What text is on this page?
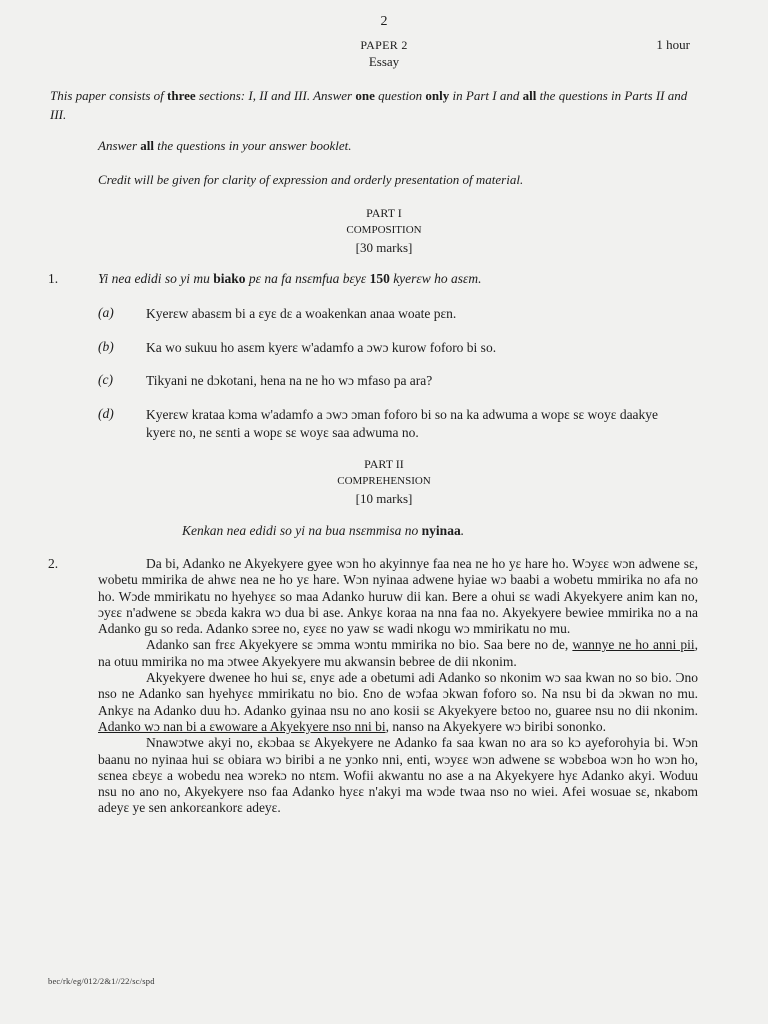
2
PAPER 2	1 hour
Essay
This paper consists of three sections: I, II and III. Answer one question only in Part I and all the questions in Parts II and III.
Answer all the questions in your answer booklet.
Credit will be given for clarity of expression and orderly presentation of material.
PART I
COMPOSITION
[30 marks]
1.	Yi nea edidi so yi mu biako pɛ na fa nsɛmfua bɛyɛ 150 kyerɛw ho asɛm.
(a) Kyerɛw abasɛm bi a ɛyɛ dɛ a woakenkan anaa woate pɛn.
(b) Ka wo sukuu ho asɛm kyerɛ w'adamfo a ɔwɔ kurow foforo bi so.
(c) Tikyani ne dɔkotani, hena na ne ho wɔ mfaso pa ara?
(d) Kyerɛw krataa kɔma w'adamfo a ɔwɔ ɔman foforo bi so na ka adwuma a wopɛ sɛ woyɛ daakye kyerɛ no, ne sɛnti a wopɛ sɛ woyɛ saa adwuma no.
PART II
COMPREHENSION
[10 marks]
Kenkan nea edidi so yi na bua nsɛmmisa no nyinaa.
2.	Da bi, Adanko ne Akyekyere gyee wɔn ho akyinnye faa nea ne ho yɛ hare ho. Wɔyɛɛ wɔn adwene sɛ, wobetu mmirika de ahwɛ nea ne ho yɛ hare. Wɔn nyinaa adwene hyiae wɔ baabi a wobetu mmirika no afa no ho. Wɔde mmirikatu no hyehyɛɛ so maa Adanko huruw dii kan. Bere a ohui sɛ wadi Akyekyere anim kan no, ɔyɛɛ n'adwene sɛ ɔbɛda kakra wɔ dua bi ase. Ankyɛ koraa na nna faa no. Akyekyere bewiee mmirika no a na Adanko gu so reda. Adanko sɔree no, ɛyɛɛ no yaw sɛ wadi nkogu wɔ mmirikatu no mu.

Adanko san frɛɛ Akyekyere sɛ ɔmma wɔntu mmirika no bio. Saa bere no de, wannye ne ho anni pii, na otuu mmirika no ma ɔtwee Akyekyere mu akwansin bebree de dii nkonim.

Akyekyere dwenee ho hui sɛ, ɛnyɛ ade a obetumi adi Adanko so nkonim wɔ saa kwan no so bio. Ɔno nso ne Adanko san hyehyɛɛ mmirikatu no bio. Ɛno de wɔfaa ɔkwan foforo so. Na nsu bi da ɔkwan no mu. Ankyɛ na Adanko duu hɔ. Adanko gyinaa nsu no ano kosii sɛ Akyekyere bɛtoo no, guaree nsu no dii nkonim. Adanko wɔ nan bi a ɛwoware a Akyekyere nso nni bi, nanso na Akyekyere wɔ biribi sononko.

Nnawɔtwe akyi no, ɛkɔbaa sɛ Akyekyere ne Adanko fa saa kwan no ara so kɔ ayeforohyia bi. Wɔn baanu no nyinaa hui sɛ obiara wɔ biribi a ne yɔnko nni, enti, wɔyɛɛ wɔn adwene sɛ wɔbɛboa wɔn ho wɔn ho, sɛnea ɛbɛyɛ a wobedu nea wɔrekɔ no ntɛm. Wofii akwantu no ase a na Akyekyere hyɛ Adanko akyi. Woduu nsu no ano no, Akyekyere nso faa Adanko hyɛɛ n'akyi ma wɔde twaa nso no wiei. Afei wosuae sɛ, nkabom adeyɛ ye sen ankorɛankorɛ adeyɛ.

bec/rk/eg/012/2&1//22/sc/spd
